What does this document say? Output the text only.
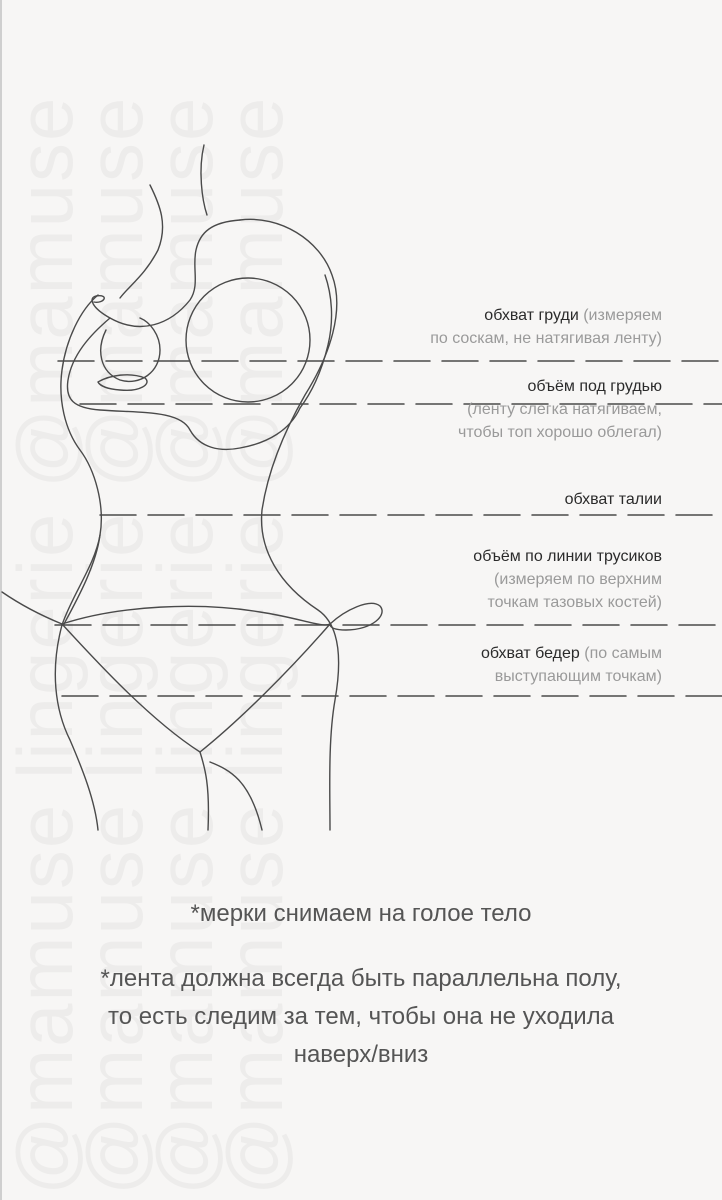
@mamuse lingerie @mamuse
@mamuse lingerie @mamuse
@mamuse lingerie @mamuse
@mamuse lingerie @mamuse	обхват груди (измеряем
по соскам, не натягивая ленту)
объём под грудью
(ленту слегка натягиваем,
чтобы топ хорошо облегал)
обхват талии
объём по линии трусиков
(измеряем по верхним
точкам тазовых костей)
обхват бедер (по самым
выступающим точкам)
*мерки снимаем на голое тело
*лента должна всегда быть параллельна полу,
то есть следим за тем, чтобы она не уходила
наверх/вниз
